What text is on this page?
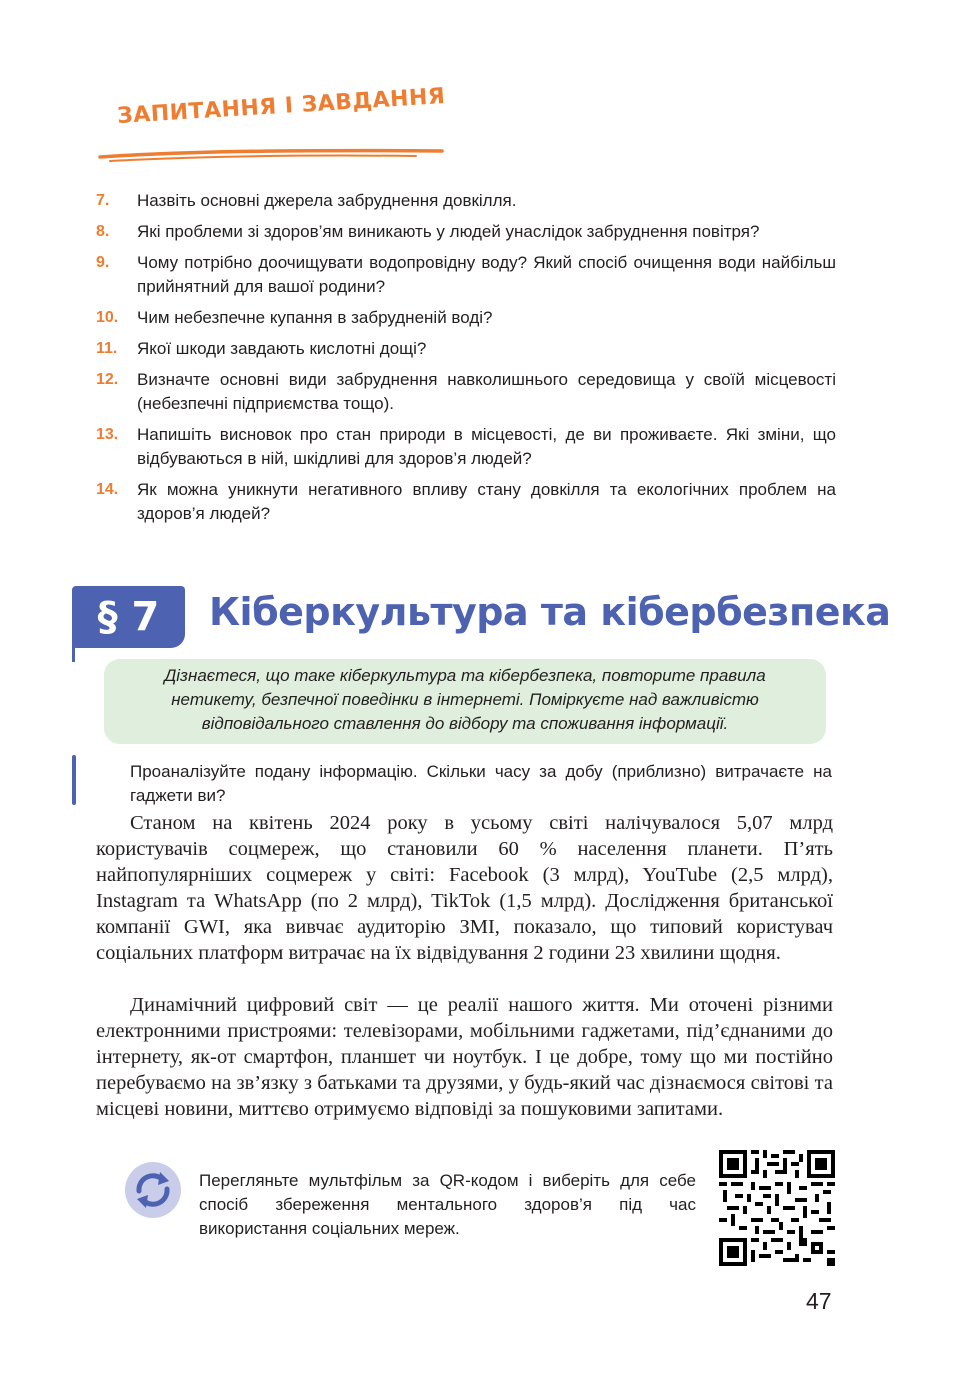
ЗАПИТАННЯ І ЗАВДАННЯ
7. Назвіть основні джерела забруднення довкілля.
8. Які проблеми зі здоров’ям виникають у людей унаслідок забруднення повітря?
9. Чому потрібно доочищувати водопровідну воду? Який спосіб очищення води найбільш прийнятний для вашої родини?
10. Чим небезпечне купання в забрудненій воді?
11. Якої шкоди завдають кислотні дощі?
12. Визначте основні види забруднення навколишнього середовища у своїй місцевості (небезпечні підприємства тощо).
13. Напишіть висновок про стан природи в місцевості, де ви проживаєте. Які зміни, що відбуваються в ній, шкідливі для здоров’я людей?
14. Як можна уникнути негативного впливу стану довкілля та екологічних проблем на здоров’я людей?
§ 7	Кіберкультура та кібербезпека
Дізнаєтеся, що таке кіберкультура та кібербезпека, повторите правила нетикету, безпечної поведінки в інтернеті. Поміркуєте над важливістю відповідального ставлення до відбору та споживання інформації.
Проаналізуйте подану інформацію. Скільки часу за добу (приблизно) витрачаєте на гаджети ви?

Станом на квітень 2024 року в усьому світі налічувалося 5,07 млрд користувачів соцмереж, що становили 60 % населення планети. П’ять найпопулярніших соцмереж у світі: Facebook (3 млрд), YouTube (2,5 млрд), Instagram та WhatsApp (по 2 млрд), TikTok (1,5 млрд). Дослідження британської компанії GWI, яка вивчає аудиторію ЗМІ, показало, що типовий користувач соціальних платформ витрачає на їх відвідування 2 години 23 хвилини щодня.

Динамічний цифровий світ — це реалії нашого життя. Ми оточені різними електронними пристроями: телевізорами, мобільними гаджетами, під’єднаними до інтернету, як-от смартфон, планшет чи ноутбук. І це добре, тому що ми постійно перебуваємо на зв’язку з батьками та друзями, у будь-який час дізнаємося світові та місцеві новини, миттєво отримуємо відповіді за пошуковими запитами.

Перегляньте мультфільм за QR-кодом і виберіть для себе спосіб збереження ментального здоров’я під час використання соціальних мереж.
47
